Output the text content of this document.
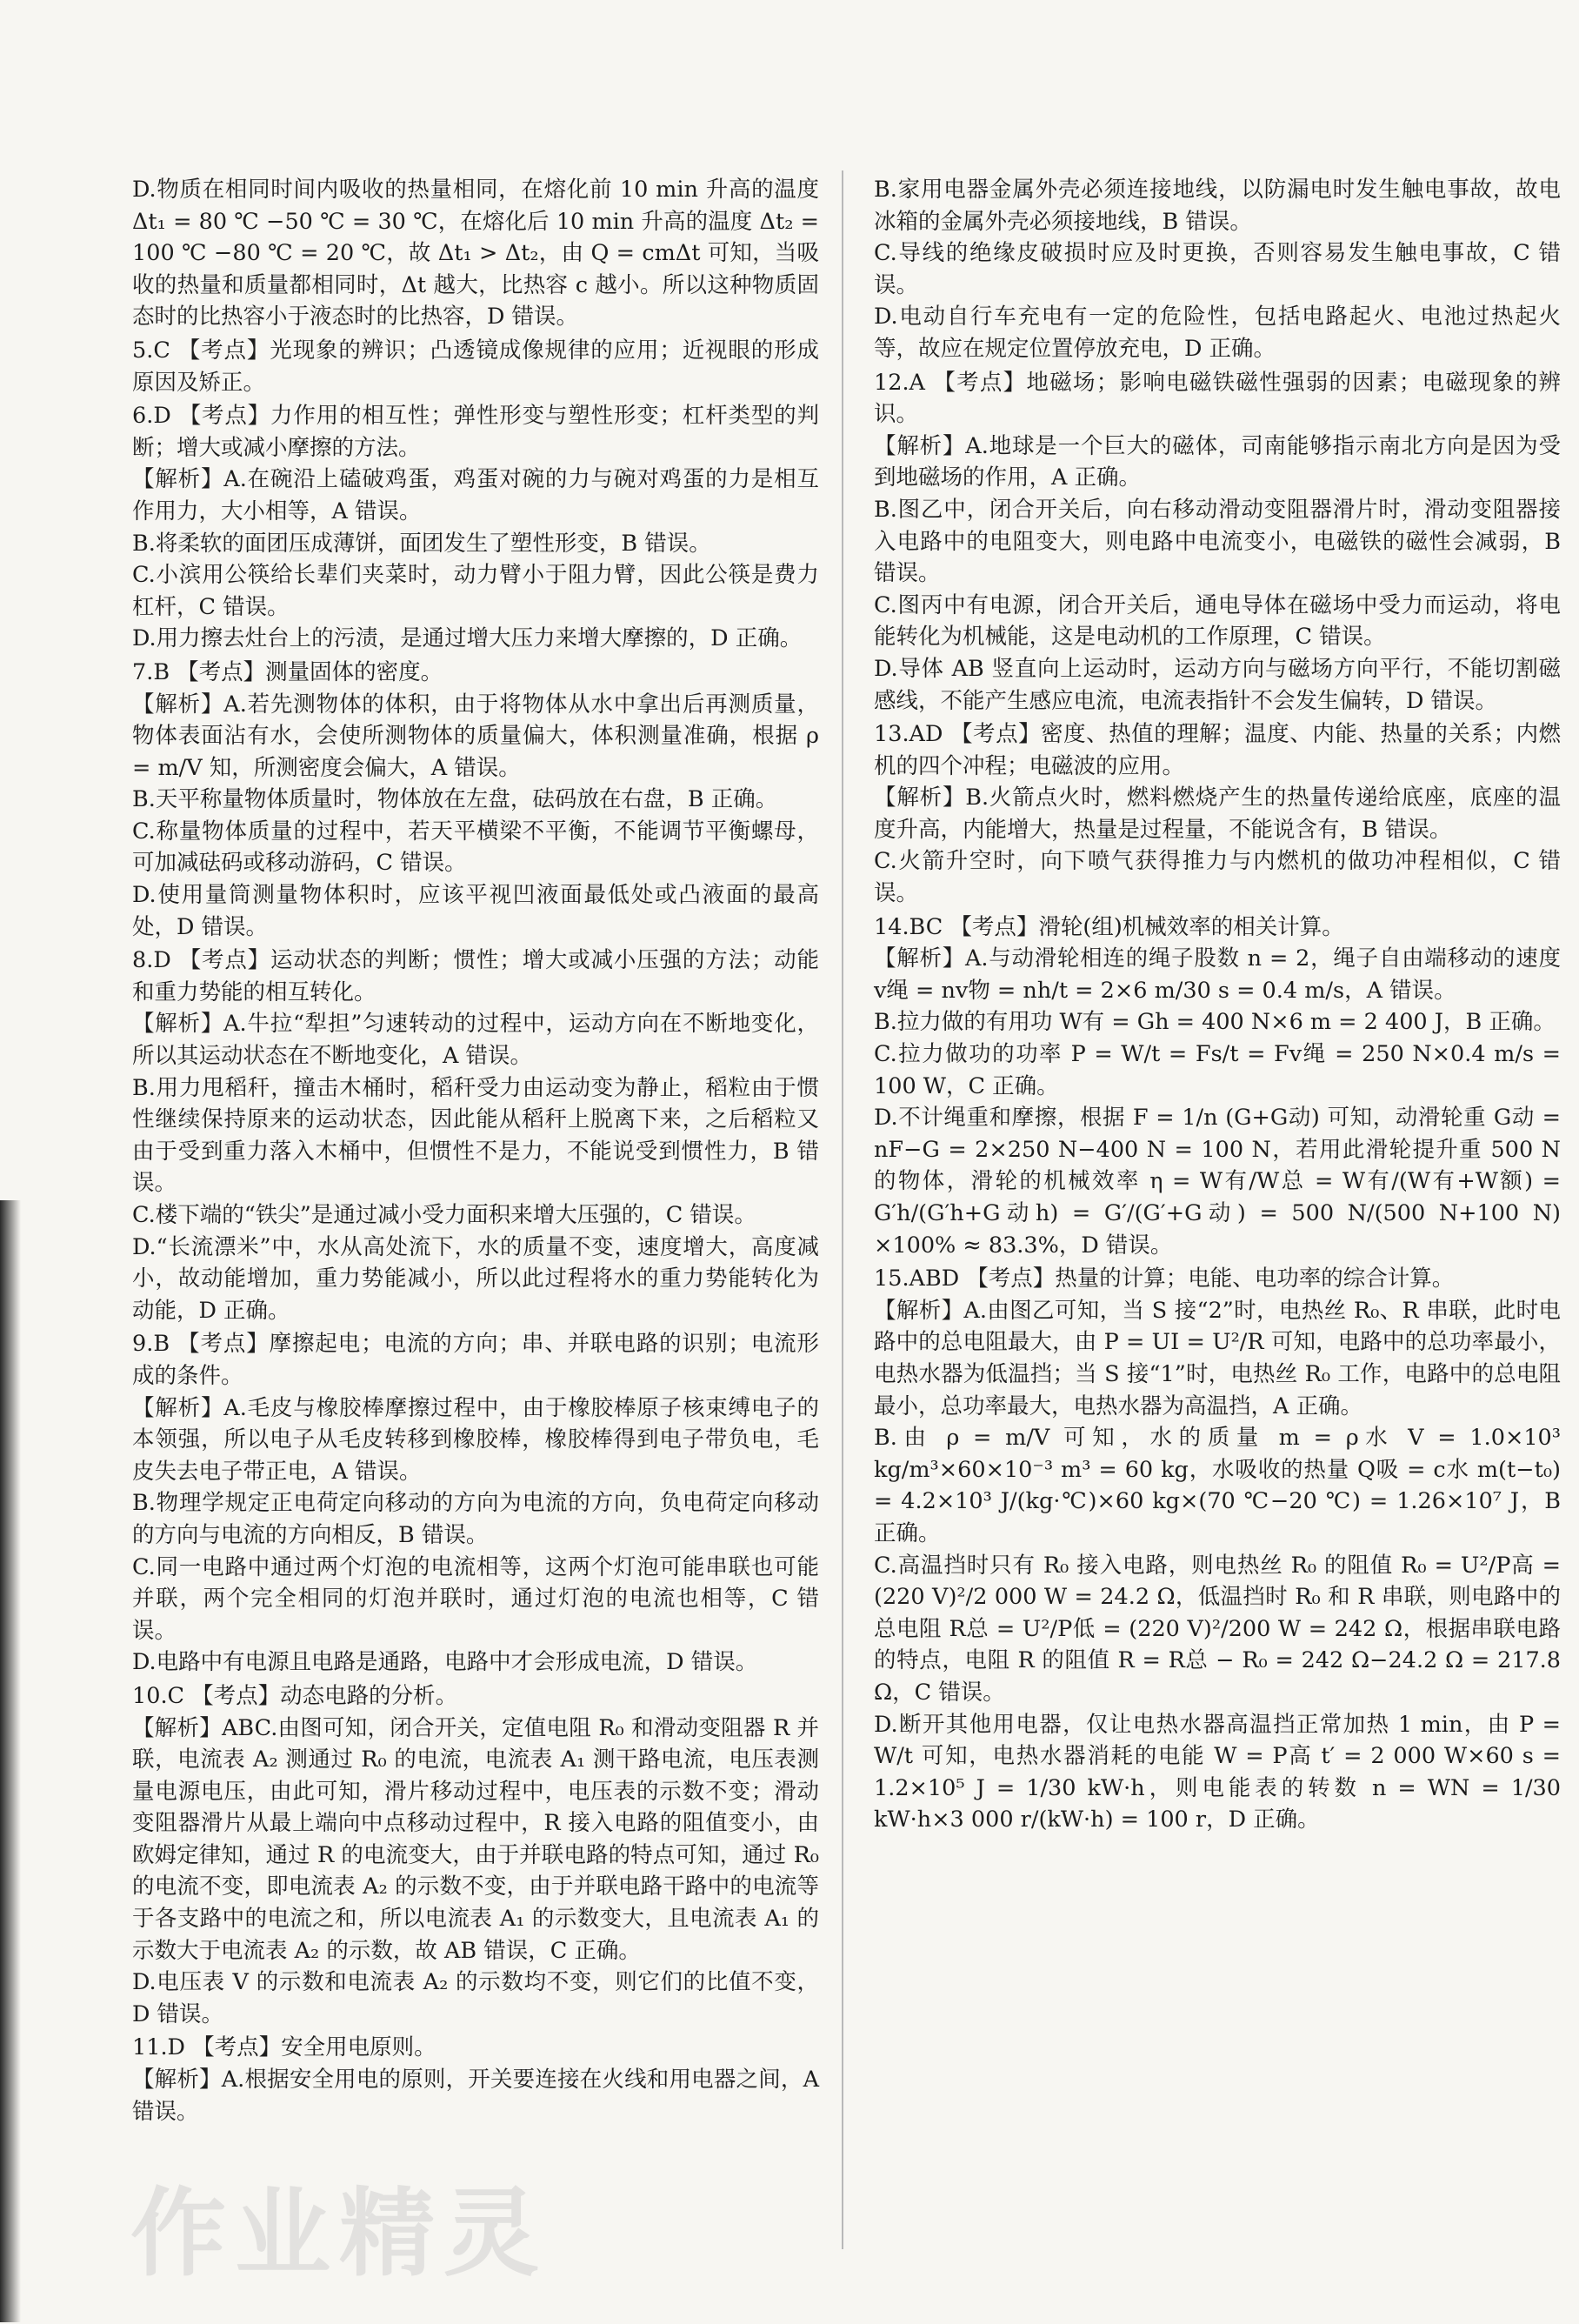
D.物质在相同时间内吸收的热量相同，在熔化前 10 min 升高的温度 Δt₁ = 80 ℃ −50 ℃ = 30 ℃，在熔化后 10 min 升高的温度 Δt₂ = 100 ℃ −80 ℃ = 20 ℃，故 Δt₁ > Δt₂，由 Q = cmΔt 可知，当吸收的热量和质量都相同时，Δt 越大，比热容 c 越小。所以这种物质固态时的比热容小于液态时的比热容，D 错误。

5.C 【考点】光现象的辨识；凸透镜成像规律的应用；近视眼的形成原因及矫正。

6.D 【考点】力作用的相互性；弹性形变与塑性形变；杠杆类型的判断；增大或减小摩擦的方法。

【解析】A.在碗沿上磕破鸡蛋，鸡蛋对碗的力与碗对鸡蛋的力是相互作用力，大小相等，A 错误。

B.将柔软的面团压成薄饼，面团发生了塑性形变，B 错误。

C.小滨用公筷给长辈们夹菜时，动力臂小于阻力臂，因此公筷是费力杠杆，C 错误。

D.用力擦去灶台上的污渍，是通过增大压力来增大摩擦的，D 正确。

7.B 【考点】测量固体的密度。

【解析】A.若先测物体的体积，由于将物体从水中拿出后再测质量，物体表面沾有水，会使所测物体的质量偏大，体积测量准确，根据 ρ = m/V 知，所测密度会偏大，A 错误。

B.天平称量物体质量时，物体放在左盘，砝码放在右盘，B 正确。

C.称量物体质量的过程中，若天平横梁不平衡，不能调节平衡螺母，可加减砝码或移动游码，C 错误。

D.使用量筒测量物体积时，应该平视凹液面最低处或凸液面的最高处，D 错误。

8.D 【考点】运动状态的判断；惯性；增大或减小压强的方法；动能和重力势能的相互转化。

【解析】A.牛拉“犁担”匀速转动的过程中，运动方向在不断地变化，所以其运动状态在不断地变化，A 错误。

B.用力甩稻秆，撞击木桶时，稻秆受力由运动变为静止，稻粒由于惯性继续保持原来的运动状态，因此能从稻秆上脱离下来，之后稻粒又由于受到重力落入木桶中，但惯性不是力，不能说受到惯性力，B 错误。

C.楼下端的“铁尖”是通过减小受力面积来增大压强的，C 错误。

D.“长流漂米”中，水从高处流下，水的质量不变，速度增大，高度减小，故动能增加，重力势能减小，所以此过程将水的重力势能转化为动能，D 正确。

9.B 【考点】摩擦起电；电流的方向；串、并联电路的识别；电流形成的条件。

【解析】A.毛皮与橡胶棒摩擦过程中，由于橡胶棒原子核束缚电子的本领强，所以电子从毛皮转移到橡胶棒，橡胶棒得到电子带负电，毛皮失去电子带正电，A 错误。

B.物理学规定正电荷定向移动的方向为电流的方向，负电荷定向移动的方向与电流的方向相反，B 错误。

C.同一电路中通过两个灯泡的电流相等，这两个灯泡可能串联也可能并联，两个完全相同的灯泡并联时，通过灯泡的电流也相等，C 错误。

D.电路中有电源且电路是通路，电路中才会形成电流，D 错误。

10.C 【考点】动态电路的分析。

【解析】ABC.由图可知，闭合开关，定值电阻 R₀ 和滑动变阻器 R 并联，电流表 A₂ 测通过 R₀ 的电流，电流表 A₁ 测干路电流，电压表测量电源电压，由此可知，滑片移动过程中，电压表的示数不变；滑动变阻器滑片从最上端向中点移动过程中，R 接入电路的阻值变小，由欧姆定律知，通过 R 的电流变大，由于并联电路的特点可知，通过 R₀ 的电流不变，即电流表 A₂ 的示数不变，由于并联电路干路中的电流等于各支路中的电流之和，所以电流表 A₁ 的示数变大，且电流表 A₁ 的示数大于电流表 A₂ 的示数，故 AB 错误，C 正确。

D.电压表 V 的示数和电流表 A₂ 的示数均不变，则它们的比值不变，D 错误。

11.D 【考点】安全用电原则。

【解析】A.根据安全用电的原则，开关要连接在火线和用电器之间，A 错误。

B.家用电器金属外壳必须连接地线，以防漏电时发生触电事故，故电冰箱的金属外壳必须接地线，B 错误。

C.导线的绝缘皮破损时应及时更换，否则容易发生触电事故，C 错误。

D.电动自行车充电有一定的危险性，包括电路起火、电池过热起火等，故应在规定位置停放充电，D 正确。

12.A 【考点】地磁场；影响电磁铁磁性强弱的因素；电磁现象的辨识。

【解析】A.地球是一个巨大的磁体，司南能够指示南北方向是因为受到地磁场的作用，A 正确。

B.图乙中，闭合开关后，向右移动滑动变阻器滑片时，滑动变阻器接入电路中的电阻变大，则电路中电流变小，电磁铁的磁性会减弱，B 错误。

C.图丙中有电源，闭合开关后，通电导体在磁场中受力而运动，将电能转化为机械能，这是电动机的工作原理，C 错误。

D.导体 AB 竖直向上运动时，运动方向与磁场方向平行，不能切割磁感线，不能产生感应电流，电流表指针不会发生偏转，D 错误。

13.AD 【考点】密度、热值的理解；温度、内能、热量的关系；内燃机的四个冲程；电磁波的应用。

【解析】B.火箭点火时，燃料燃烧产生的热量传递给底座，底座的温度升高，内能增大，热量是过程量，不能说含有，B 错误。

C.火箭升空时，向下喷气获得推力与内燃机的做功冲程相似，C 错误。

14.BC 【考点】滑轮(组)机械效率的相关计算。

【解析】A.与动滑轮相连的绳子股数 n = 2，绳子自由端移动的速度 v绳 = nv物 = nh/t = 2×6 m/30 s = 0.4 m/s，A 错误。

B.拉力做的有用功 W有 = Gh = 400 N×6 m = 2 400 J，B 正确。

C.拉力做功的功率 P = W/t = Fs/t = Fv绳 = 250 N×0.4 m/s = 100 W，C 正确。

D.不计绳重和摩擦，根据 F = 1/n (G+G动) 可知，动滑轮重 G动 = nF−G = 2×250 N−400 N = 100 N，若用此滑轮提升重 500 N 的物体，滑轮的机械效率 η = W有/W总 = W有/(W有+W额) = G′h/(G′h+G动h) = G′/(G′+G动) = 500 N/(500 N+100 N) ×100% ≈ 83.3%，D 错误。

15.ABD 【考点】热量的计算；电能、电功率的综合计算。

【解析】A.由图乙可知，当 S 接“2”时，电热丝 R₀、R 串联，此时电路中的总电阻最大，由 P = UI = U²/R 可知，电路中的总功率最小，电热水器为低温挡；当 S 接“1”时，电热丝 R₀ 工作，电路中的总电阻最小，总功率最大，电热水器为高温挡，A 正确。

B.由 ρ = m/V 可知，水的质量 m = ρ水 V = 1.0×10³ kg/m³×60×10⁻³ m³ = 60 kg，水吸收的热量 Q吸 = c水 m(t−t₀) = 4.2×10³ J/(kg·℃)×60 kg×(70 ℃−20 ℃) = 1.26×10⁷ J，B 正确。

C.高温挡时只有 R₀ 接入电路，则电热丝 R₀ 的阻值 R₀ = U²/P高 = (220 V)²/2 000 W = 24.2 Ω，低温挡时 R₀ 和 R 串联，则电路中的总电阻 R总 = U²/P低 = (220 V)²/200 W = 242 Ω，根据串联电路的特点，电阻 R 的阻值 R = R总 − R₀ = 242 Ω−24.2 Ω = 217.8 Ω，C 错误。

D.断开其他用电器，仅让电热水器高温挡正常加热 1 min，由 P = W/t 可知，电热水器消耗的电能 W = P高 t′ = 2 000 W×60 s = 1.2×10⁵ J = 1/30 kW·h，则电能表的转数 n = WN = 1/30 kW·h×3 000 r/(kW·h) = 100 r，D 正确。

作业精灵
